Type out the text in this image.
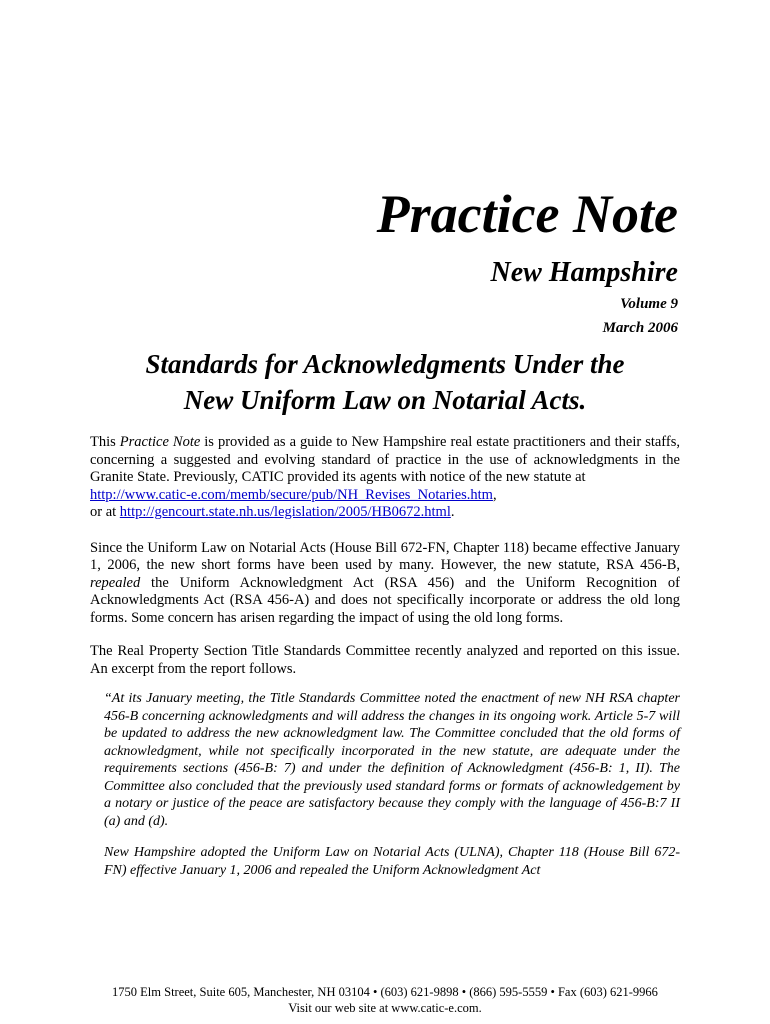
Practice Note
New Hampshire
Volume 9
March 2006
Standards for Acknowledgments Under the
New Uniform Law on Notarial Acts.

This Practice Note is provided as a guide to New Hampshire real estate practitioners and their staffs, concerning a suggested and evolving standard of practice in the use of acknowledgments in the Granite State. Previously, CATIC provided its agents with notice of the new statute at
http://www.catic-e.com/memb/secure/pub/NH_Revises_Notaries.htm,
or at http://gencourt.state.nh.us/legislation/2005/HB0672.html.

Since the Uniform Law on Notarial Acts (House Bill 672-FN, Chapter 118) became effective January 1, 2006, the new short forms have been used by many. However, the new statute, RSA 456-B, repealed the Uniform Acknowledgment Act (RSA 456) and the Uniform Recognition of Acknowledgments Act (RSA 456-A) and does not specifically incorporate or address the old long forms. Some concern has arisen regarding the impact of using the old long forms.

The Real Property Section Title Standards Committee recently analyzed and reported on this issue. An excerpt from the report follows.

“At its January meeting, the Title Standards Committee noted the enactment of new NH RSA chapter 456-B concerning acknowledgments and will address the changes in its ongoing work. Article 5-7 will be updated to address the new acknowledgment law. The Committee concluded that the old forms of acknowledgment, while not specifically incorporated in the new statute, are adequate under the requirements sections (456-B: 7) and under the definition of Acknowledgment (456-B: 1, II). The Committee also concluded that the previously used standard forms or formats of acknowledgement by a notary or justice of the peace are satisfactory because they comply with the language of 456-B:7 II (a) and (d).

New Hampshire adopted the Uniform Law on Notarial Acts (ULNA), Chapter 118 (House Bill 672-FN) effective January 1, 2006 and repealed the Uniform Acknowledgment Act

1750 Elm Street, Suite 605, Manchester, NH 03104 • (603) 621-9898 • (866) 595-5559 • Fax (603) 621-9966
Visit our web site at www.catic-e.com.
